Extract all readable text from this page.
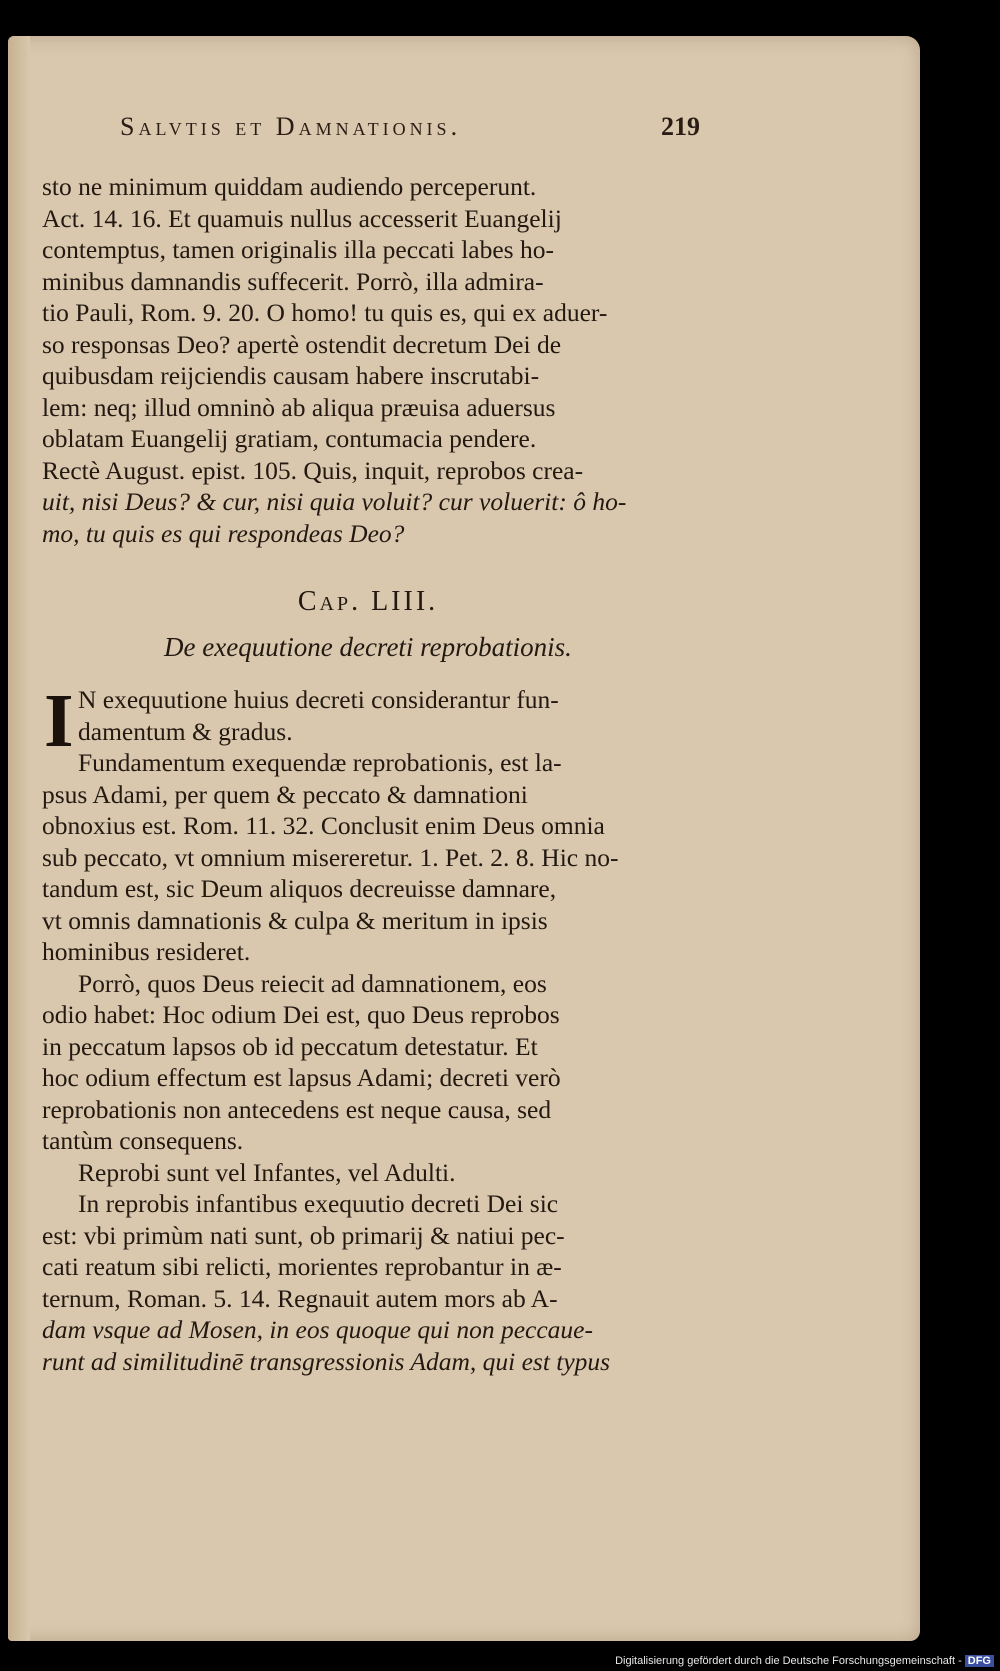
Salvtis et Damnationis.	219
sto ne minimum quiddam audiendo perceperunt.
Act. 14. 16. Et quamuis nullus accesserit Euangelij
contemptus, tamen originalis illa peccati labes ho-
minibus damnandis suffecerit. Porrò, illa admira-
tio Pauli, Rom. 9. 20. O homo! tu quis es, qui ex aduer-
so responsas Deo? apertè ostendit decretum Dei de
quibusdam reijciendis causam habere inscrutabi-
lem: neq; illud omninò ab aliqua præuisa aduersus
oblatam Euangelij gratiam, contumacia pendere.
Rectè August. epist. 105. Quis, inquit, reprobos crea-
uit, nisi Deus? & cur, nisi quia voluit? cur voluerit: ô ho-
mo, tu quis es qui respondeas Deo?
Cap. LIII.
De exequutione decreti reprobationis.
I N exequutione huius decreti considerantur fun-
damentum & gradus.
Fundamentum exequendæ reprobationis, est la-
psus Adami, per quem & peccato & damnationi
obnoxius est. Rom. 11. 32. Conclusit enim Deus omnia
sub peccato, vt omnium misereretur. 1. Pet. 2. 8. Hic no-
tandum est, sic Deum aliquos decreuisse damnare,
vt omnis damnationis & culpa & meritum in ipsis
hominibus resideret.
Porrò, quos Deus reiecit ad damnationem, eos
odio habet: Hoc odium Dei est, quo Deus reprobos
in peccatum lapsos ob id peccatum detestatur. Et
hoc odium effectum est lapsus Adami; decreti verò
reprobationis non antecedens est neque causa, sed
tantùm consequens.
Reprobi sunt vel Infantes, vel Adulti.
In reprobis infantibus exequutio decreti Dei sic
est: vbi primùm nati sunt, ob primarij & natiui pec-
cati reatum sibi relicti, morientes reprobantur in æ-
ternum, Roman. 5. 14. Regnauit autem mors ab A-
dam vsque ad Mosen, in eos quoque qui non peccaue-
runt ad similitudinē transgressionis Adam, qui est typus
Digitalisierung gefördert durch die Deutsche Forschungsgemeinschaft - DFG
